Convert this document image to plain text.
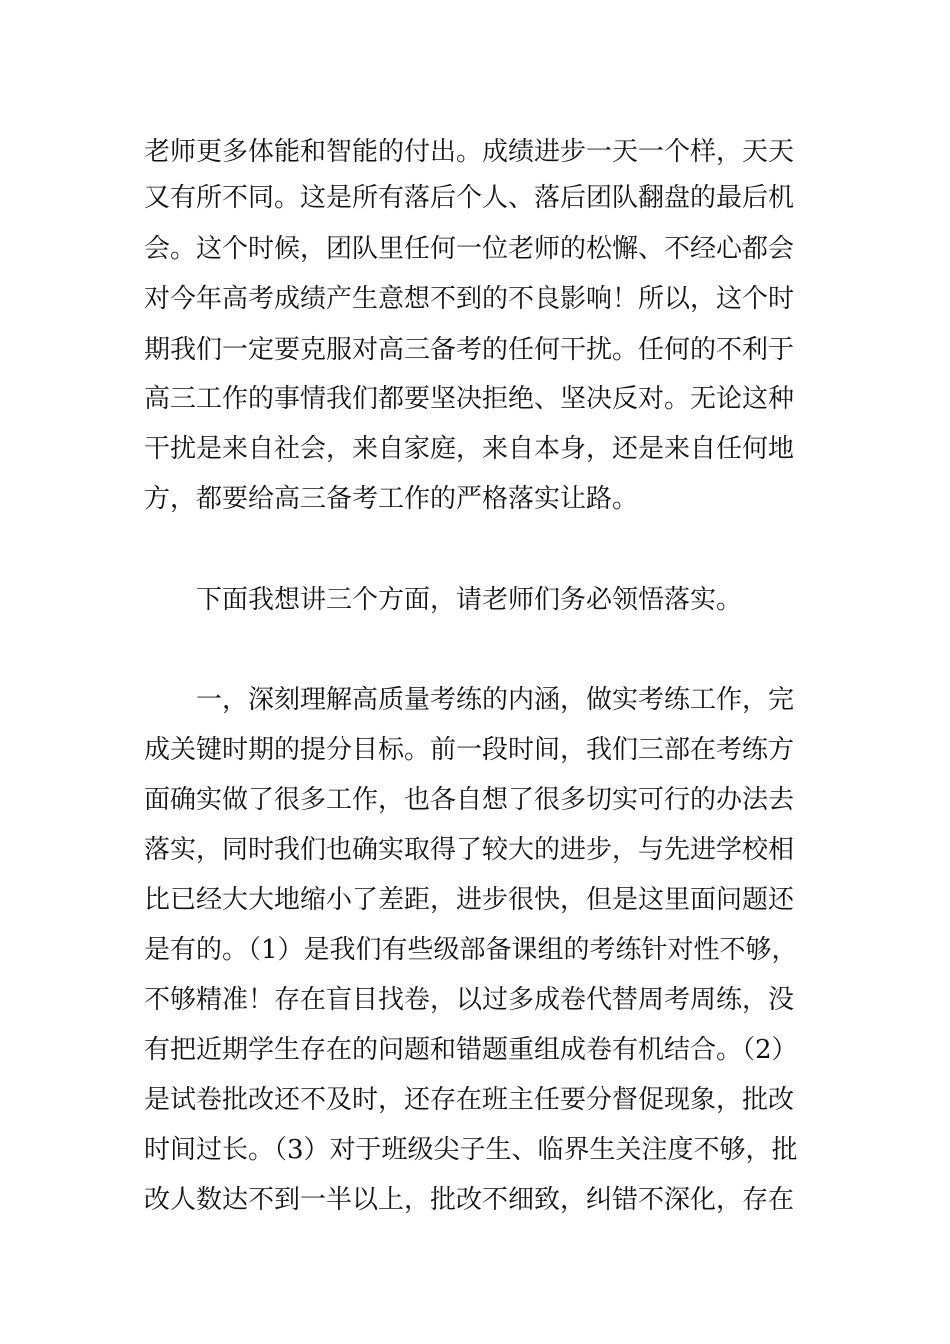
老师更多体能和智能的付出。成绩进步一天一个样，天天
又有所不同。这是所有落后个人、落后团队翻盘的最后机
会。这个时候，团队里任何一位老师的松懈、不经心都会
对今年高考成绩产生意想不到的不良影响！所以，这个时
期我们一定要克服对高三备考的任何干扰。任何的不利于
高三工作的事情我们都要坚决拒绝、坚决反对。无论这种
干扰是来自社会，来自家庭，来自本身，还是来自任何地
方，都要给高三备考工作的严格落实让路。
下面我想讲三个方面，请老师们务必领悟落实。
一，深刻理解高质量考练的内涵，做实考练工作，完
成关键时期的提分目标。前一段时间，我们三部在考练方
面确实做了很多工作，也各自想了很多切实可行的办法去
落实，同时我们也确实取得了较大的进步，与先进学校相
比已经大大地缩小了差距，进步很快，但是这里面问题还
是有的。（1）是我们有些级部备课组的考练针对性不够，
不够精准！存在盲目找卷，以过多成卷代替周考周练，没
有把近期学生存在的问题和错题重组成卷有机结合。（2）
是试卷批改还不及时，还存在班主任要分督促现象，批改
时间过长。（3）对于班级尖子生、临界生关注度不够，批
改人数达不到一半以上，批改不细致，纠错不深化，存在
